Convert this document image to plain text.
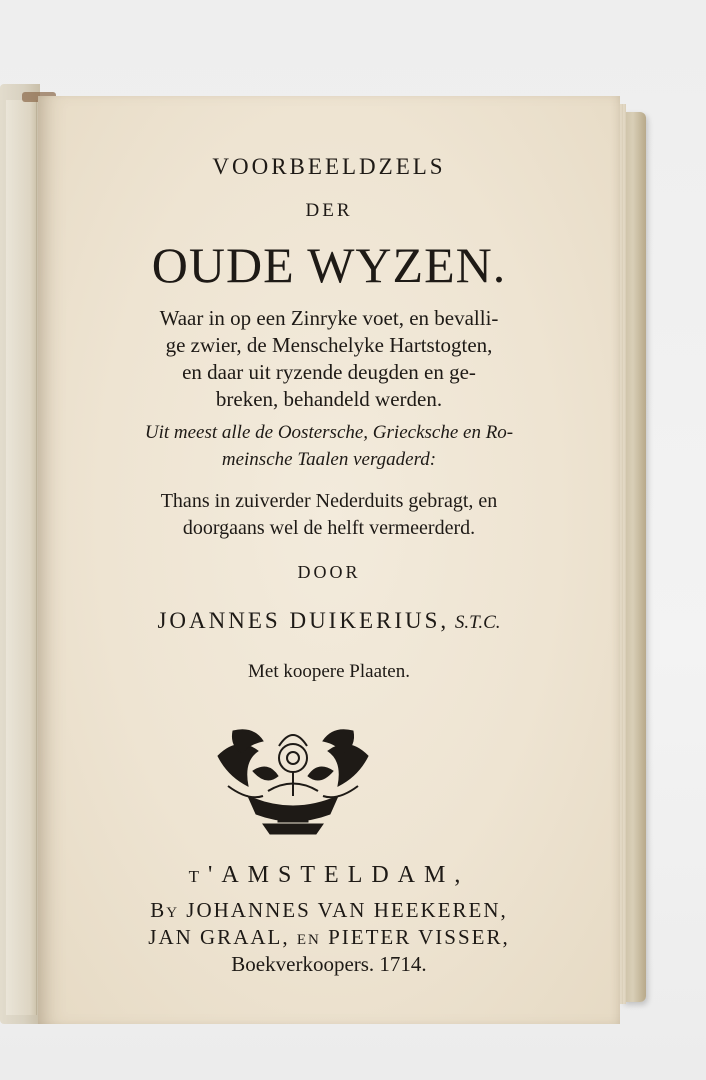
VOORBEELDZELS
DER
OUDE WYZEN.
Waar in op een Zinryke voet, en bevalli-
ge zwier, de Menschelyke Hartstogten,
en daar uit ryzende deugden en ge-
breken, behandeld werden.
Uit meest alle de Oostersche, Griecksche en Ro-
meinsche Taalen vergaderd:
Thans in zuiverder Nederduits gebragt, en
doorgaans wel de helft vermeerderd.
DOOR
JOANNES DUIKERIUS, S.T.C.
Met koopere Plaaten.
t'AMSTELDAM,
By JOHANNES VAN HEEKEREN,
JAN GRAAL, en PIETER VISSER,
Boekverkoopers. 1714.
